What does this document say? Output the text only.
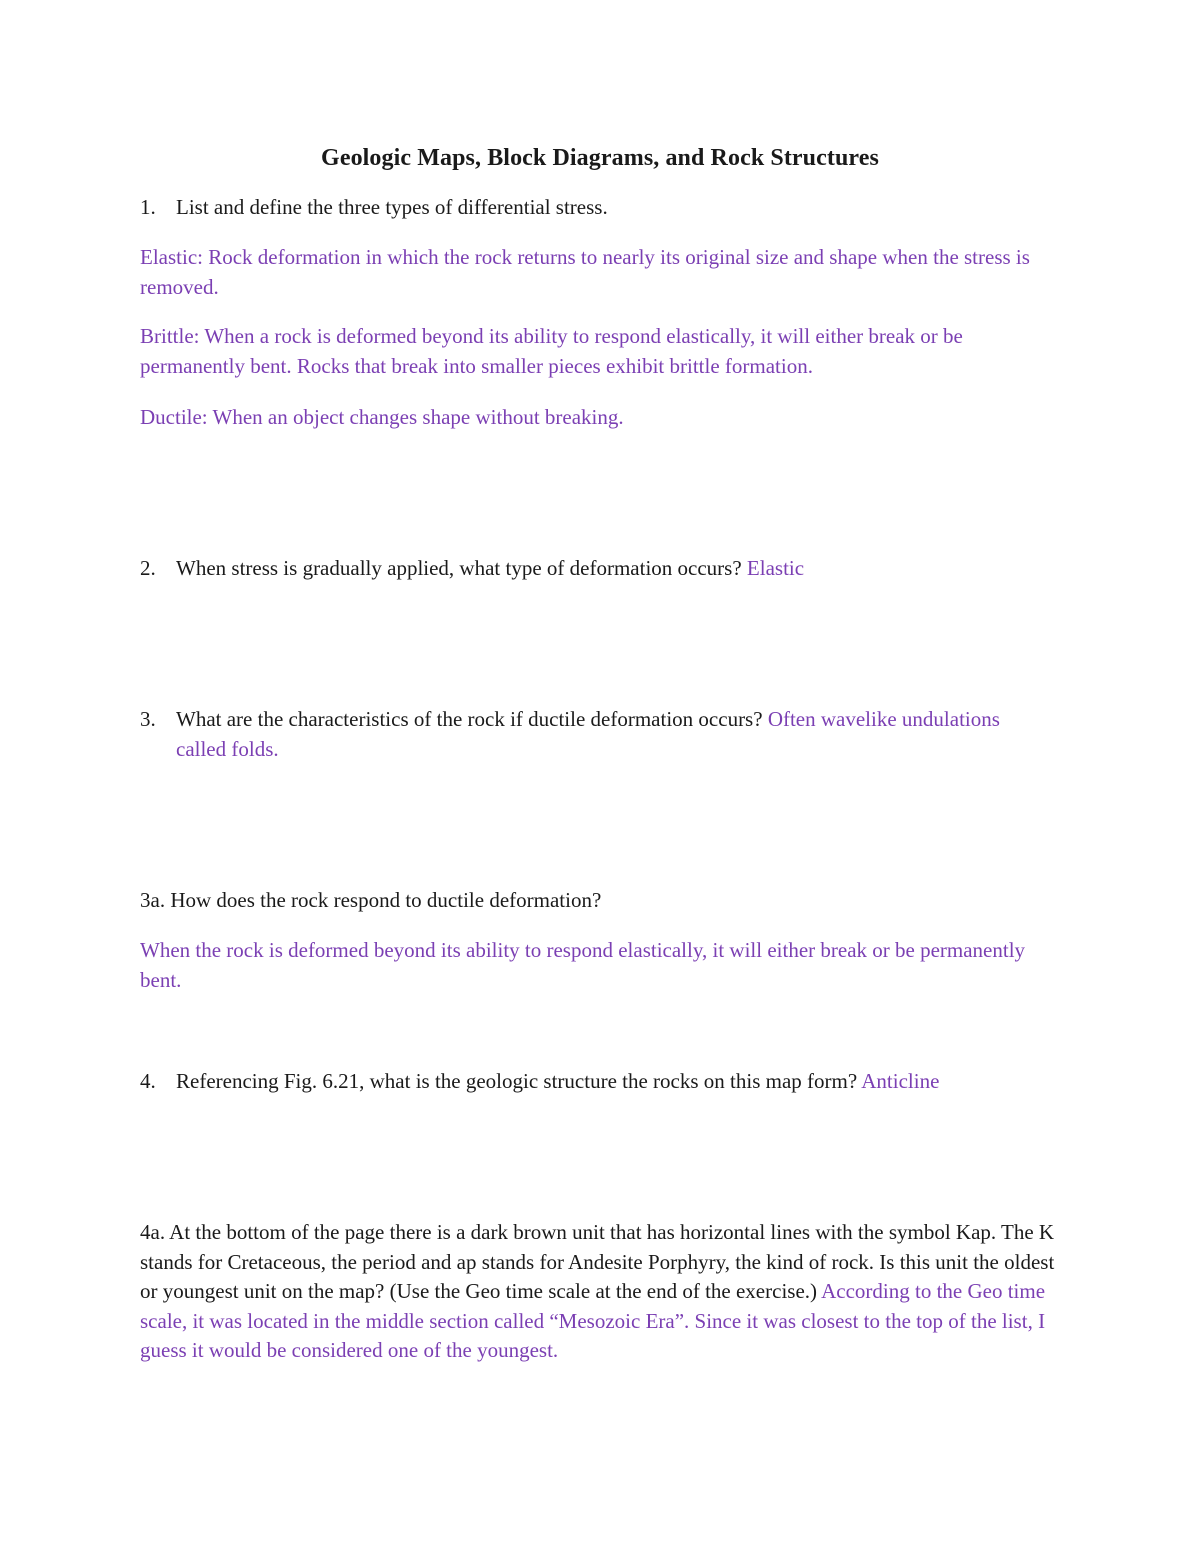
Geologic Maps, Block Diagrams, and Rock Structures
1. List and define the three types of differential stress.
Elastic: Rock deformation in which the rock returns to nearly its original size and shape when the stress is removed.
Brittle: When a rock is deformed beyond its ability to respond elastically, it will either break or be permanently bent. Rocks that break into smaller pieces exhibit brittle formation.
Ductile: When an object changes shape without breaking.
2. When stress is gradually applied, what type of deformation occurs? Elastic
3. What are the characteristics of the rock if ductile deformation occurs? Often wavelike undulations called folds.
3a. How does the rock respond to ductile deformation?
When the rock is deformed beyond its ability to respond elastically, it will either break or be permanently bent.
4. Referencing Fig. 6.21, what is the geologic structure the rocks on this map form? Anticline
4a. At the bottom of the page there is a dark brown unit that has horizontal lines with the symbol Kap. The K stands for Cretaceous, the period and ap stands for Andesite Porphyry, the kind of rock. Is this unit the oldest or youngest unit on the map? (Use the Geo time scale at the end of the exercise.) According to the Geo time scale, it was located in the middle section called “Mesozoic Era”. Since it was closest to the top of the list, I guess it would be considered one of the youngest.
